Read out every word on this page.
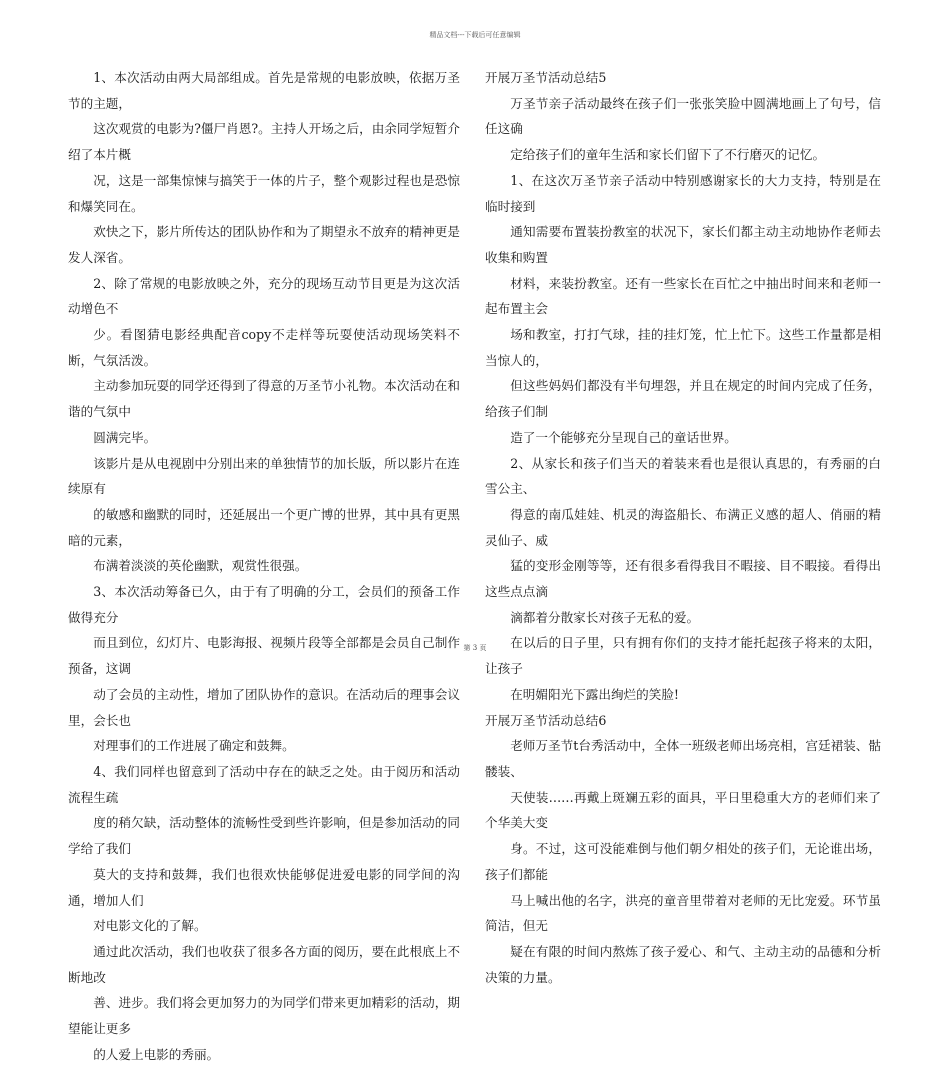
精品文档---下载后可任意编辑

1、本次活动由两大局部组成。首先是常规的电影放映，依据万圣节的主题，
这次观赏的电影为?僵尸肖恩?。主持人开场之后，由余同学短暂介绍了本片概
况，这是一部集惊悚与搞笑于一体的片子，整个观影过程也是恐惊和爆笑同在。
欢快之下，影片所传达的团队协作和为了期望永不放弃的精神更是发人深省。

2、除了常规的电影放映之外，充分的现场互动节目更是为这次活动增色不
少。看图猜电影经典配音copy不走样等玩耍使活动现场笑料不断，气氛活泼。
主动参加玩耍的同学还得到了得意的万圣节小礼物。本次活动在和谐的气氛中
圆满完毕。

该影片是从电视剧中分别出来的单独情节的加长版，所以影片在连续原有
的敏感和幽默的同时，还延展出一个更广博的世界，其中具有更黑暗的元素，
布满着淡淡的英伦幽默，观赏性很强。

3、本次活动筹备已久，由于有了明确的分工，会员们的预备工作做得充分
而且到位，幻灯片、电影海报、视频片段等全部都是会员自己制作预备，这调
动了会员的主动性，增加了团队协作的意识。在活动后的理事会议里，会长也
对理事们的工作进展了确定和鼓舞。

4、我们同样也留意到了活动中存在的缺乏之处。由于阅历和活动流程生疏
度的稍欠缺，活动整体的流畅性受到些许影响，但是参加活动的同学给了我们
莫大的支持和鼓舞，我们也很欢快能够促进爱电影的同学间的沟通，增加人们
对电影文化的了解。

通过此次活动，我们也收获了很多各方面的阅历，要在此根底上不断地改
善、进步。我们将会更加努力的为同学们带来更加精彩的活动，期望能让更多
的人爱上电影的秀丽。

开展万圣节活动总结5

万圣节亲子活动最终在孩子们一张张笑脸中圆满地画上了句号，信任这确
定给孩子们的童年生活和家长们留下了不行磨灭的记忆。

1、在这次万圣节亲子活动中特别感谢家长的大力支持，特别是在临时接到
通知需要布置装扮教室的状况下，家长们都主动主动地协作老师去收集和购置
材料，来装扮教室。还有一些家长在百忙之中抽出时间来和老师一起布置主会
场和教室，打打气球，挂的挂灯笼，忙上忙下。这些工作量都是相当惊人的，
但这些妈妈们都没有半句埋怨，并且在规定的时间内完成了任务，给孩子们制
造了一个能够充分呈现自己的童话世界。

2、从家长和孩子们当天的着装来看也是很认真思的，有秀丽的白雪公主、
得意的南瓜娃娃、机灵的海盗船长、布满正义感的超人、俏丽的精灵仙子、威
猛的变形金刚等等，还有很多看得我目不暇接、目不暇接。看得出这些点点滴
滴都着分散家长对孩子无私的爱。

在以后的日子里，只有拥有你们的支持才能托起孩子将来的太阳，让孩子
在明媚阳光下露出绚烂的笑脸!

开展万圣节活动总结6

老师万圣节t台秀活动中，全体一班级老师出场亮相，宫廷裙装、骷髅装、
天使装……再戴上斑斓五彩的面具，平日里稳重大方的老师们来了个华美大变
身。不过，这可没能难倒与他们朝夕相处的孩子们，无论谁出场，孩子们都能
马上喊出他的名字，洪亮的童音里带着对老师的无比宠爱。环节虽简洁，但无
疑在有限的时间内熬炼了孩子爱心、和气、主动主动的品德和分析决策的力量。

第 3 页
